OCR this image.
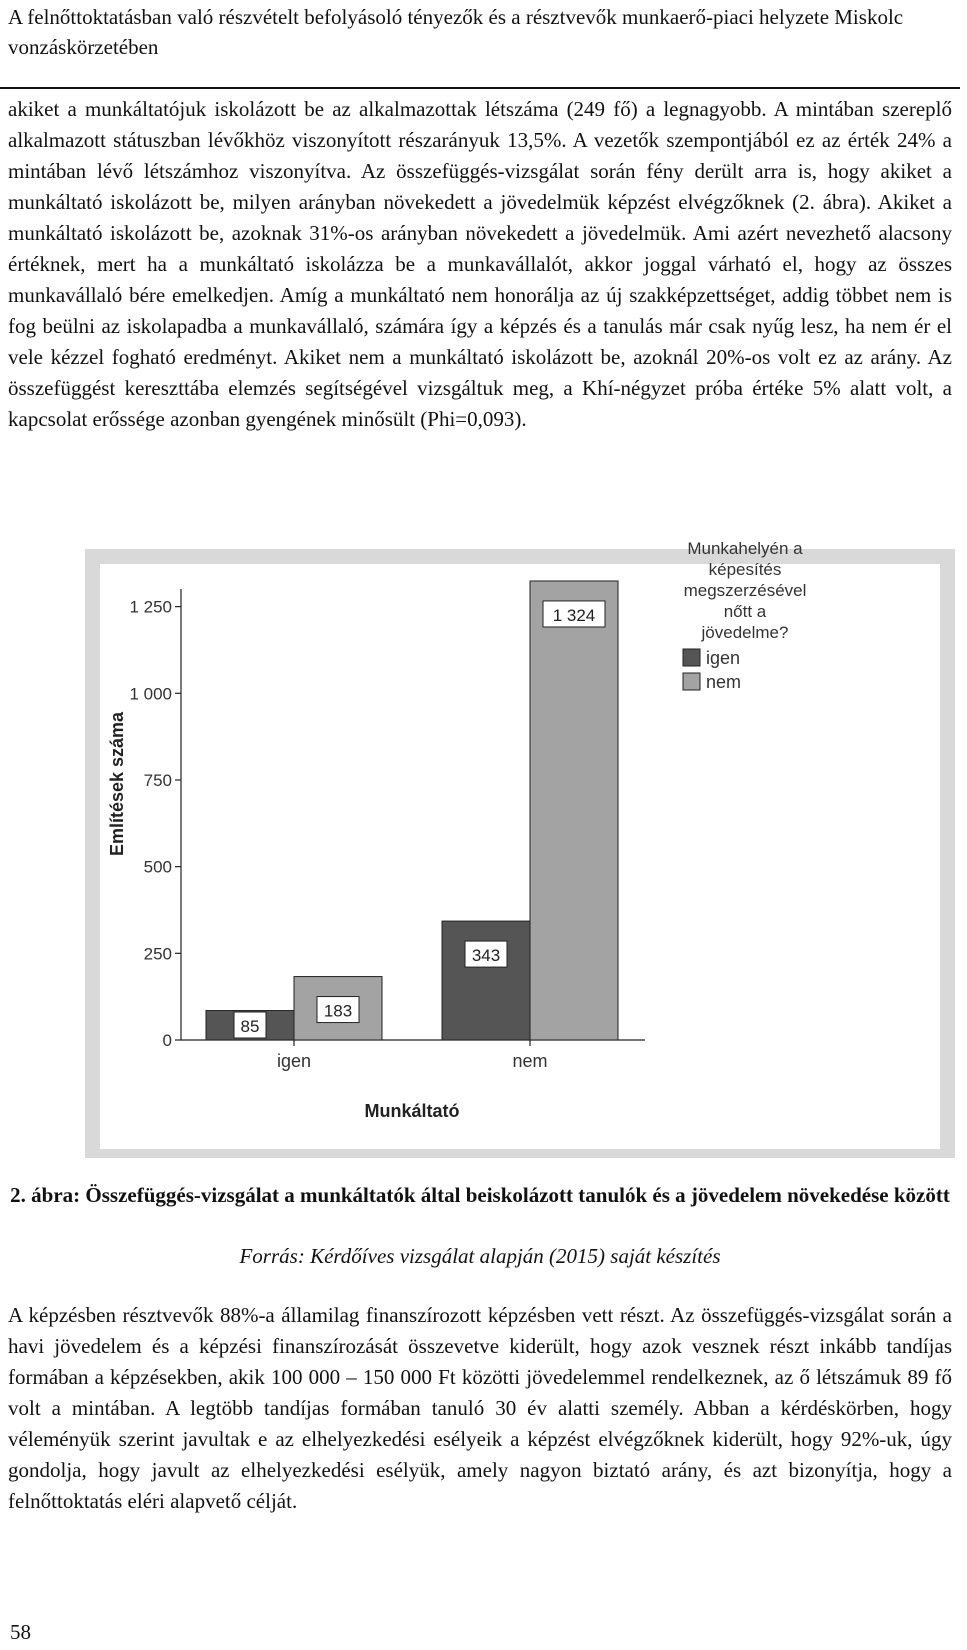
A felnőttoktatásban való részvételt befolyásoló tényezők és a résztvevők munkaerő-piaci helyzete Miskolc vonzáskörzetében

akiket a munkáltatójuk iskolázott be az alkalmazottak létszáma (249 fő) a legnagyobb. A mintában szereplő alkalmazott státuszban lévőkhöz viszonyított részarányuk 13,5%. A vezetők szempontjából ez az érték 24% a mintában lévő létszámhoz viszonyítva. Az összefüggés-vizsgálat során fény derült arra is, hogy akiket a munkáltató iskolázott be, milyen arányban növekedett a jövedelmük képzést elvégzőknek (2. ábra). Akiket a munkáltató iskolázott be, azoknak 31%-os arányban növekedett a jövedelmük. Ami azért nevezhető alacsony értéknek, mert ha a munkáltató iskolázza be a munkavállalót, akkor joggal várható el, hogy az összes munkavállaló bére emelkedjen. Amíg a munkáltató nem honorálja az új szakképzettséget, addig többet nem is fog beülni az iskolapadba a munkavállaló, számára így a képzés és a tanulás már csak nyűg lesz, ha nem ér el vele kézzel fogható eredményt. Akiket nem a munkáltató iskolázott be, azoknál 20%-os volt ez az arány. Az összefüggést kereszttába elemzés segítségével vizsgáltuk meg, a Khí-négyzet próba értéke 5% alatt volt, a kapcsolat erőssége azonban gyengének minősült (Phi=0,093).

0
250
500
750
1 000
1 250
Említések száma
Munkáltató
igen	nem
85
183
343
1 324
Munkahelyén a
képesítés
megszerzésével
nőtt a
jövedelme?
igen
nem

2. ábra: Összefüggés-vizsgálat a munkáltatók által beiskolázott tanulók és a jövedelem növekedése között

Forrás: Kérdőíves vizsgálat alapján (2015) saját készítés

A képzésben résztvevők 88%-a államilag finanszírozott képzésben vett részt. Az összefüggés-vizsgálat során a havi jövedelem és a képzési finanszírozását összevetve kiderült, hogy azok vesznek részt inkább tandíjas formában a képzésekben, akik 100 000 – 150 000 Ft közötti jövedelemmel rendelkeznek, az ő létszámuk 89 fő volt a mintában. A legtöbb tandíjas formában tanuló 30 év alatti személy. Abban a kérdéskörben, hogy véleményük szerint javultak e az elhelyezkedési esélyeik a képzést elvégzőknek kiderült, hogy 92%-uk, úgy gondolja, hogy javult az elhelyezkedési esélyük, amely nagyon biztató arány, és azt bizonyítja, hogy a felnőttoktatás eléri alapvető célját.

58
